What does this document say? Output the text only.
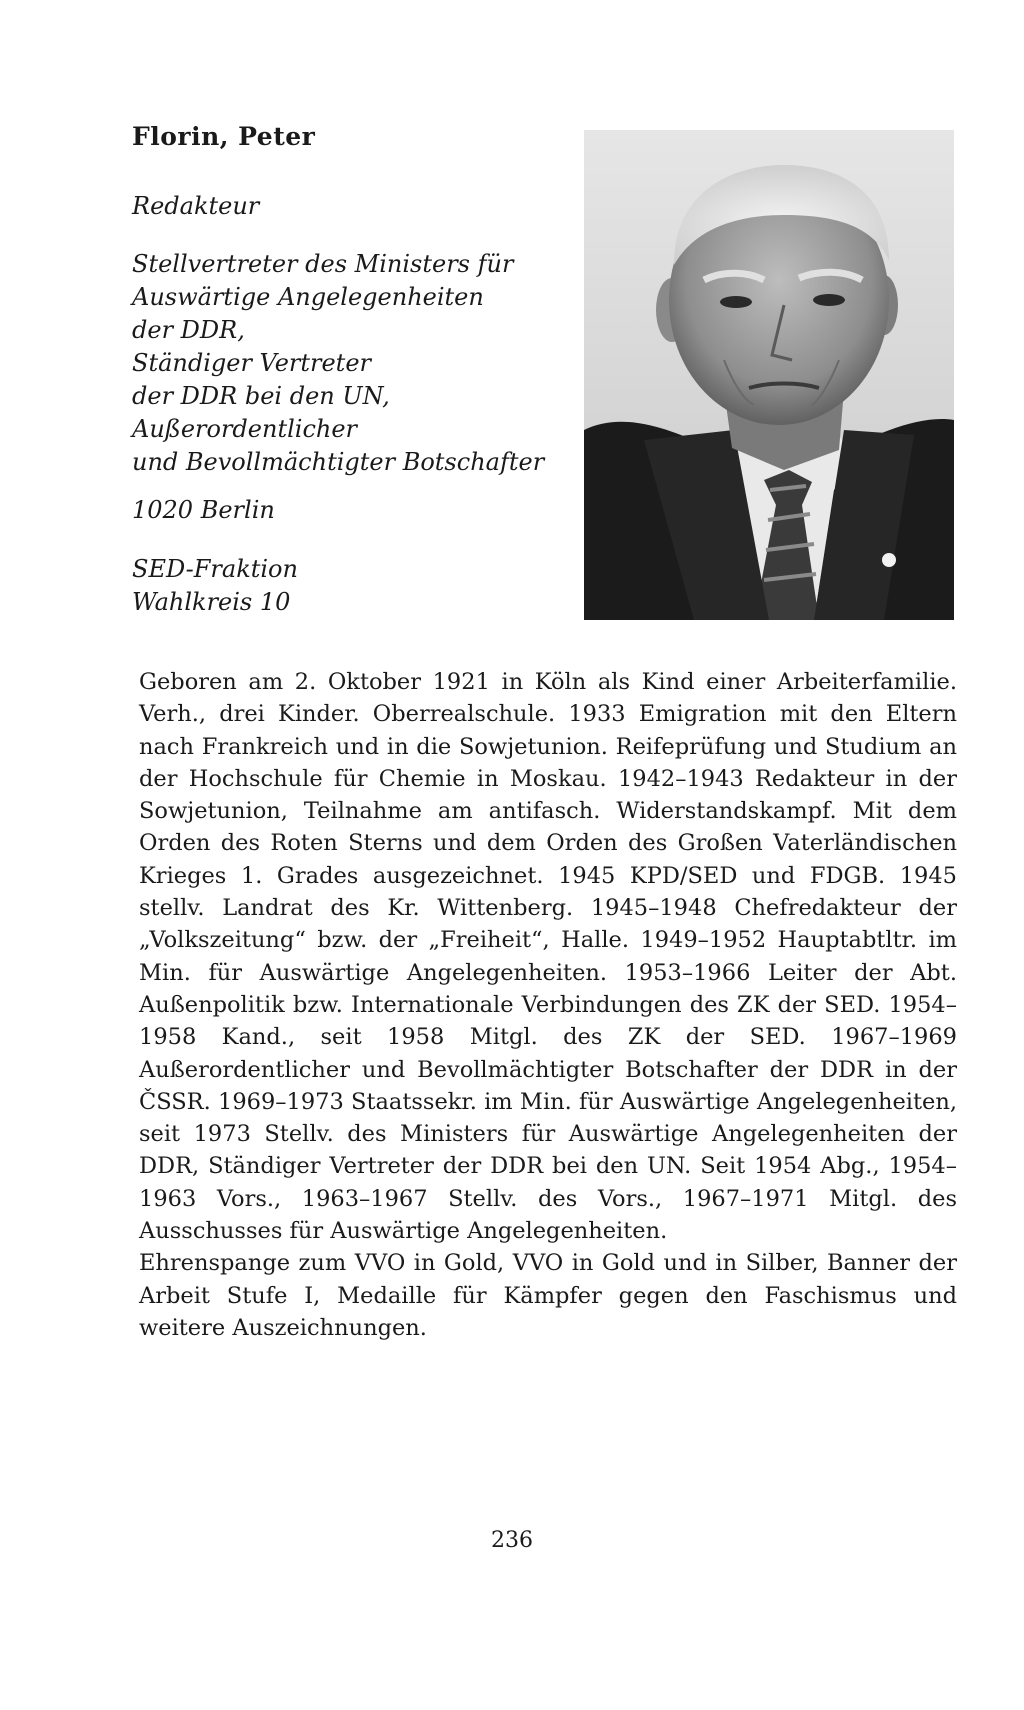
Florin, Peter
Redakteur
Stellvertreter des Ministers für
Auswärtige Angelegenheiten
der DDR,
Ständiger Vertreter
der DDR bei den UN,
Außerordentlicher
und Bevollmächtigter Botschafter
1020 Berlin
SED-Fraktion
Wahlkreis 10

Geboren am 2. Oktober 1921 in Köln als Kind einer Arbeiterfamilie. Verh., drei Kinder. Oberrealschule. 1933 Emigration mit den Eltern nach Frankreich und in die Sowjetunion. Reifeprüfung und Studium an der Hochschule für Chemie in Moskau. 1942–1943 Redakteur in der Sowjetunion, Teilnahme am antifasch. Widerstandskampf. Mit dem Orden des Roten Sterns und dem Orden des Großen Vaterländischen Krieges 1. Grades ausgezeichnet. 1945 KPD/SED und FDGB. 1945 stellv. Landrat des Kr. Wittenberg. 1945–1948 Chefredakteur der „Volkszeitung“ bzw. der „Freiheit“, Halle. 1949–1952 Hauptabtltr. im Min. für Auswärtige Angelegenheiten. 1953–1966 Leiter der Abt. Außenpolitik bzw. Internationale Verbindungen des ZK der SED. 1954–1958 Kand., seit 1958 Mitgl. des ZK der SED. 1967–1969 Außerordentlicher und Bevollmächtigter Botschafter der DDR in der ČSSR. 1969–1973 Staatssekr. im Min. für Auswärtige Angelegenheiten, seit 1973 Stellv. des Ministers für Auswärtige Angelegenheiten der DDR, Ständiger Vertreter der DDR bei den UN. Seit 1954 Abg., 1954–1963 Vors., 1963–1967 Stellv. des Vors., 1967–1971 Mitgl. des Ausschusses für Auswärtige Angelegenheiten.

Ehrenspange zum VVO in Gold, VVO in Gold und in Silber, Banner der Arbeit Stufe I, Medaille für Kämpfer gegen den Faschismus und weitere Auszeichnungen.

236
